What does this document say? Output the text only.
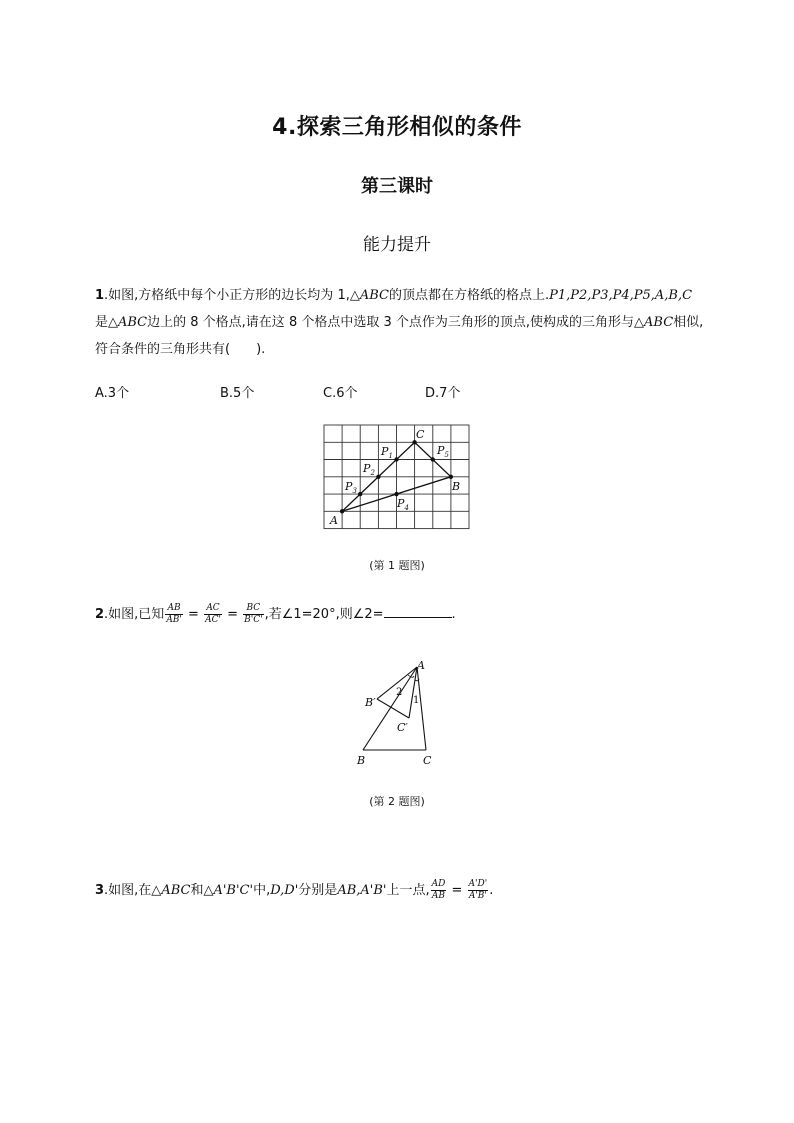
4.探索三角形相似的条件
第三课时
能力提升
1.如图,方格纸中每个小正方形的边长均为 1,△ABC的顶点都在方格纸的格点上.P1,P2,P3,P4,P5,A,B,C是△ABC边上的 8 个格点,请在这 8 个格点中选取 3 个点作为三角形的顶点,使构成的三角形与△ABC相似,符合条件的三角形共有(　　).
A.3个	B.5个	C.6个	D.7个
A
B
C
P 1
P 2
P 3
P 4
P 5
(第 1 题图)
2.如图,已知 $\frac{AB}{AB'} = \frac{AC}{AC'} = \frac{BC}{B'C'}$ ,若∠1=20°,则∠2=	.
A
B	C
B′
C′
2
1
(第 2 题图)
3.如图,在△ABC和△A'B'C'中,D,D'分别是AB,A'B'上一点, $\frac{AD}{AB} = \frac{A'D'}{A'B'}$ .
